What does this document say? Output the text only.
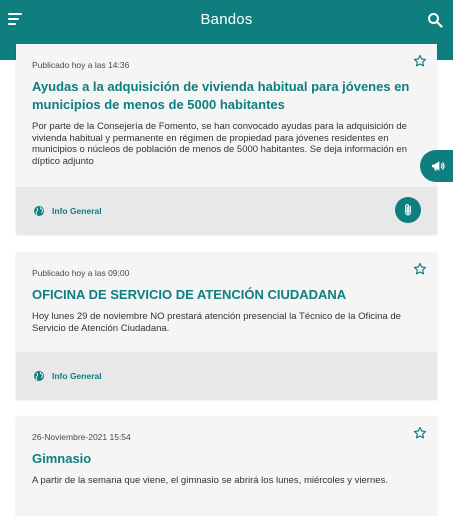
Bandos
Publicado hoy a las 14:36
Ayudas a la adquisición de vivienda habitual para jóvenes en municipios de menos de 5000 habitantes
Por parte de la Consejería de Fomento, se han convocado ayudas para la adquisición de vivienda habitual y permanente en régimen de propiedad para jóvenes residentes en municipios o núcleos de población de menos de 5000 habitantes. Se deja información en díptico adjunto
Info General
Publicado hoy a las 09:00
OFICINA DE SERVICIO DE ATENCIÓN CIUDADANA
Hoy lunes 29 de noviembre NO prestará atención presencial la Técnico de la Oficina de Servicio de Atención Ciudadana.
Info General
26-Noviembre-2021 15:54
Gimnasio
A partir de la semana que viene, el gimnasio se abrirá los lunes, miércoles y viernes.
